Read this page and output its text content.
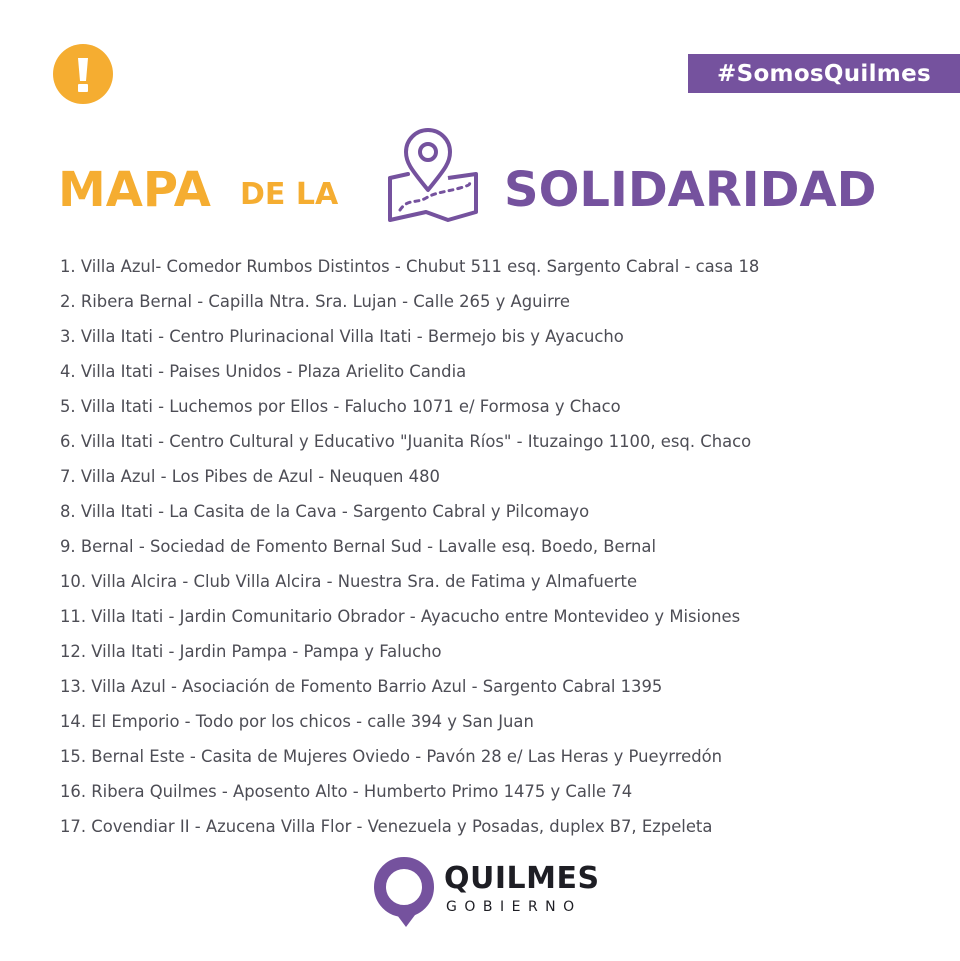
#SomosQuilmes
MAPA DE LA	SOLIDARIDAD
1. Villa Azul- Comedor Rumbos Distintos - Chubut 511 esq. Sargento Cabral - casa 18
2. Ribera Bernal - Capilla Ntra. Sra. Lujan - Calle 265 y Aguirre
3. Villa Itati - Centro Plurinacional Villa Itati - Bermejo bis y Ayacucho
4. Villa Itati - Paises Unidos - Plaza Arielito Candia
5. Villa Itati - Luchemos por Ellos - Falucho 1071 e/ Formosa y Chaco
6. Villa Itati - Centro Cultural y Educativo "Juanita Ríos" - Ituzaingo 1100, esq. Chaco
7. Villa Azul - Los Pibes de Azul - Neuquen 480
8. Villa Itati - La Casita de la Cava - Sargento Cabral y Pilcomayo
9. Bernal - Sociedad de Fomento Bernal Sud - Lavalle esq. Boedo, Bernal
10. Villa Alcira - Club Villa Alcira - Nuestra Sra. de Fatima y Almafuerte
11. Villa Itati - Jardin Comunitario Obrador - Ayacucho entre Montevideo y Misiones
12. Villa Itati - Jardin Pampa - Pampa y Falucho
13. Villa Azul - Asociación de Fomento Barrio Azul - Sargento Cabral 1395
14. El Emporio - Todo por los chicos - calle 394 y San Juan
15. Bernal Este - Casita de Mujeres Oviedo - Pavón 28 e/ Las Heras y Pueyrredón
16. Ribera Quilmes - Aposento Alto - Humberto Primo 1475 y Calle 74
17. Covendiar II - Azucena Villa Flor - Venezuela y Posadas, duplex B7, Ezpeleta
QUILMES
GOBIERNO
